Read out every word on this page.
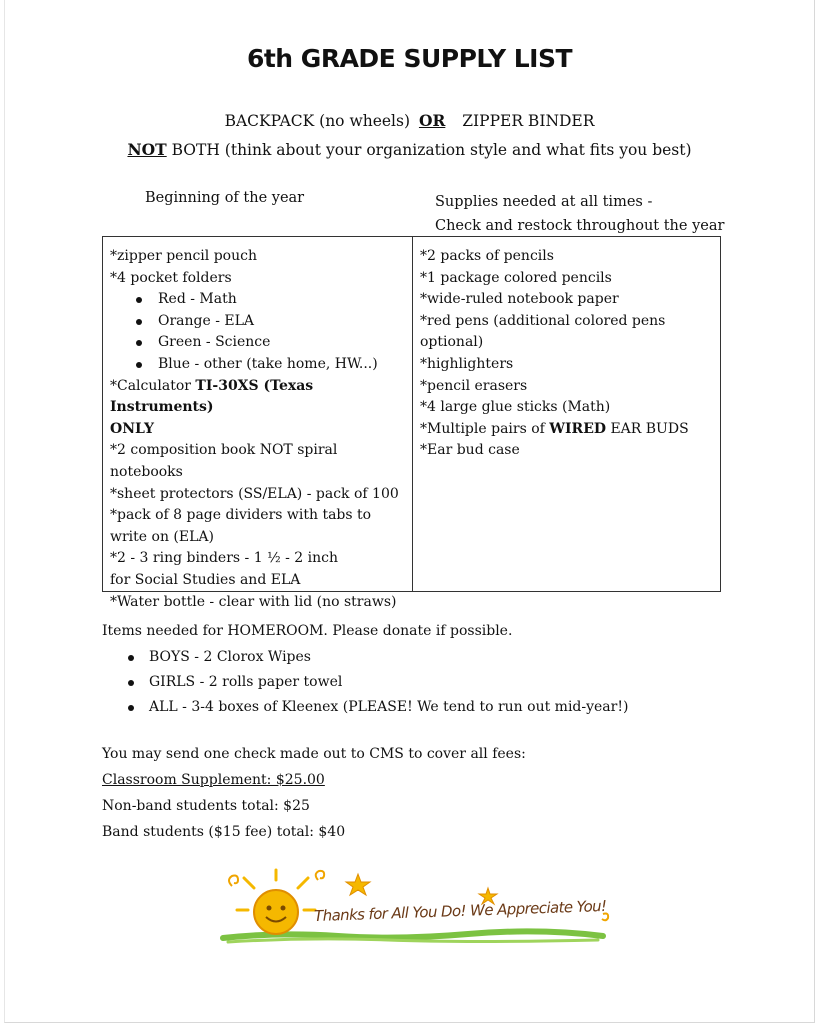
6th GRADE SUPPLY LIST
BACKPACK (no wheels) OR ZIPPER BINDER
NOT BOTH (think about your organization style and what fits you best)
Beginning of the year	Supplies needed at all times -
Check and restock throughout the year
*zipper pencil pouch
*4 pocket folders
Red - Math
Orange - ELA
Green - Science
Blue - other (take home, HW...)
*Calculator TI-30XS (Texas Instruments)
ONLY
*2 composition book NOT spiral
notebooks
*sheet protectors (SS/ELA) - pack of 100
*pack of 8 page dividers with tabs to
write on (ELA)
*2 - 3 ring binders - 1 ½ - 2 inch
for Social Studies and ELA
*Water bottle - clear with lid (no straws)
*2 packs of pencils
*1 package colored pencils
*wide-ruled notebook paper
*red pens (additional colored pens
optional)
*highlighters
*pencil erasers
*4 large glue sticks (Math)
*Multiple pairs of WIRED EAR BUDS
*Ear bud case
Items needed for HOMEROOM. Please donate if possible.
BOYS - 2 Clorox Wipes
GIRLS - 2 rolls paper towel
ALL - 3-4 boxes of Kleenex (PLEASE! We tend to run out mid-year!)
You may send one check made out to CMS to cover all fees:
Classroom Supplement: $25.00
Non-band students total: $25
Band students ($15 fee) total: $40
Thanks for All You Do! We Appreciate You!
